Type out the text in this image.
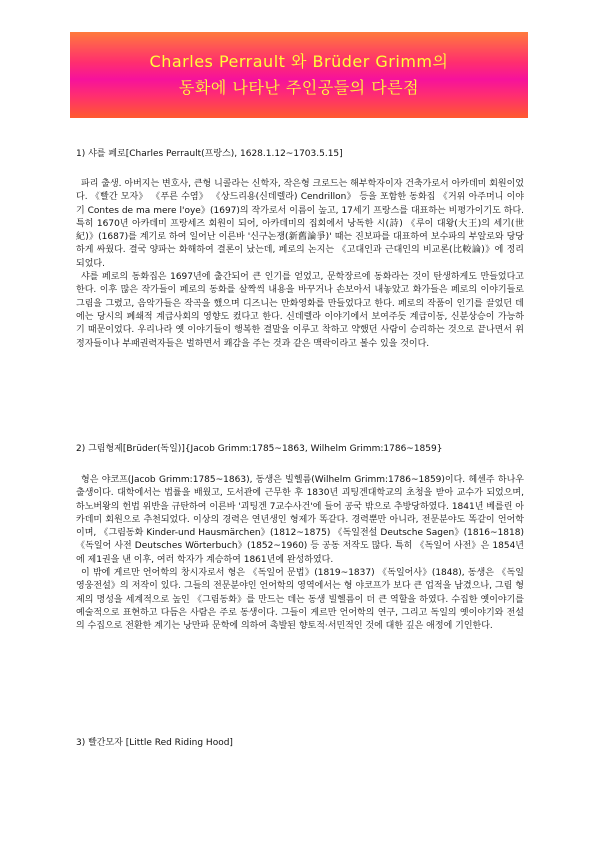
Charles Perrault 와 Brüder Grimm의
동화에 나타난 주인공들의 다른점

1) 샤를 페로[Charles Perrault(프랑스), 1628.1.12~1703.5.15]

파리 출생. 아버지는 변호사, 큰형 니콜라는 신학자, 작은형 크로드는 해부학자이자 건축가로서 아카데미 회원이었다. 《빨간 모자》 《푸른 수염》 《상드리용(신데렐라) Cendrillon》 등을 포함한 동화집 《거위 아주머니 이야기 Contes de ma mere l'oye》(1697)의 작가로서 이름이 높고, 17세기 프랑스를 대표하는 비평가이기도 하다. 특히 1670년 아카데미 프랑세즈 회원이 되어, 아카데미의 집회에서 낭독한 시(詩) 《루이 대왕(大王)의 세기(世紀)》(1687)를 계기로 하여 일어난 이른바 '신구논쟁(新舊論爭)' 때는 진보파를 대표하여 보수파의 부알로와 당당하게 싸웠다. 결국 양파는 화해하여 결론이 났는데, 페로의 논지는 《고대인과 근대인의 비교론(比較論)》에 정리되었다.

샤를 페로의 동화집은 1697년에 출간되어 큰 인기를 얻었고, 문학장르에 동화라는 것이 탄생하게도 만들었다고 한다. 이후 많은 작가들이 페로의 동화를 살짝씩 내용을 바꾸거나 손보아서 내놓았고 화가들은 페로의 이야기들로 그림을 그렸고, 음악가들은 작곡을 했으며 디즈니는 만화영화를 만들었다고 한다. 페로의 작품이 인기를 끌었던 데에는 당시의 폐쇄적 계급사회의 영향도 컸다고 한다. 신데렐라 이야기에서 보여주듯 계급이동, 신분상승이 가능하기 때문이었다. 우리나라 옛 이야기들이 행복한 결말을 이루고 착하고 약했던 사람이 승리하는 것으로 끝나면서 위정자들이나 부패권력자들은 벌하면서 쾌감을 주는 것과 같은 맥락이라고 볼수 있을 것이다.

2) 그림형제[Brüder(독일)]{Jacob Grimm:1785~1863, Wilhelm Grimm:1786~1859}

형은 야코프(Jacob Grimm:1785~1863), 동생은 빌헬름(Wilhelm Grimm:1786~1859)이다. 헤센주 하나우 출생이다. 대학에서는 법률을 배웠고, 도서관에 근무한 후 1830년 괴팅겐대학교의 초청을 받아 교수가 되었으며, 하노버왕의 헌법 위반을 규탄하여 이른바 '괴팅겐 7교수사건'에 들어 공국 밖으로 추방당하였다. 1841년 베를린 아카데미 회원으로 추천되었다. 이상의 경력은 연년생인 형제가 똑같다. 경력뿐만 아니라, 전문분야도 똑같이 언어학이며, 《그림동화 Kinder-und Hausmärchen》(1812~1875) 《독일전설 Deutsche Sagen》(1816~1818) 《독일어 사전 Deutsches Wörterbuch》(1852~1960) 등 공동 저작도 많다. 특히 《독일어 사전》은 1854년에 제1권을 낸 이후, 여러 학자가 계승하여 1861년에 완성하였다.

이 밖에 게르만 언어학의 창시자로서 형은 《독일어 문법》(1819~1837) 《독일어사》(1848), 동생은 《독일 영웅전설》의 저작이 있다. 그들의 전문분야인 언어학의 영역에서는 형 야코프가 보다 큰 업적을 남겼으나, 그림 형제의 명성을 세계적으로 높인 《그림동화》를 만드는 데는 동생 빌헬름이 더 큰 역할을 하였다. 수집한 옛이야기를 예술적으로 표현하고 다듬은 사람은 주로 동생이다. 그들이 게르만 언어학의 연구, 그리고 독일의 옛이야기와 전설의 수집으로 전환한 계기는 낭만파 문학에 의하여 촉발된 향토적·서민적인 것에 대한 깊은 애정에 기인한다.

3) 빨간모자 [Little Red Riding Hood]
